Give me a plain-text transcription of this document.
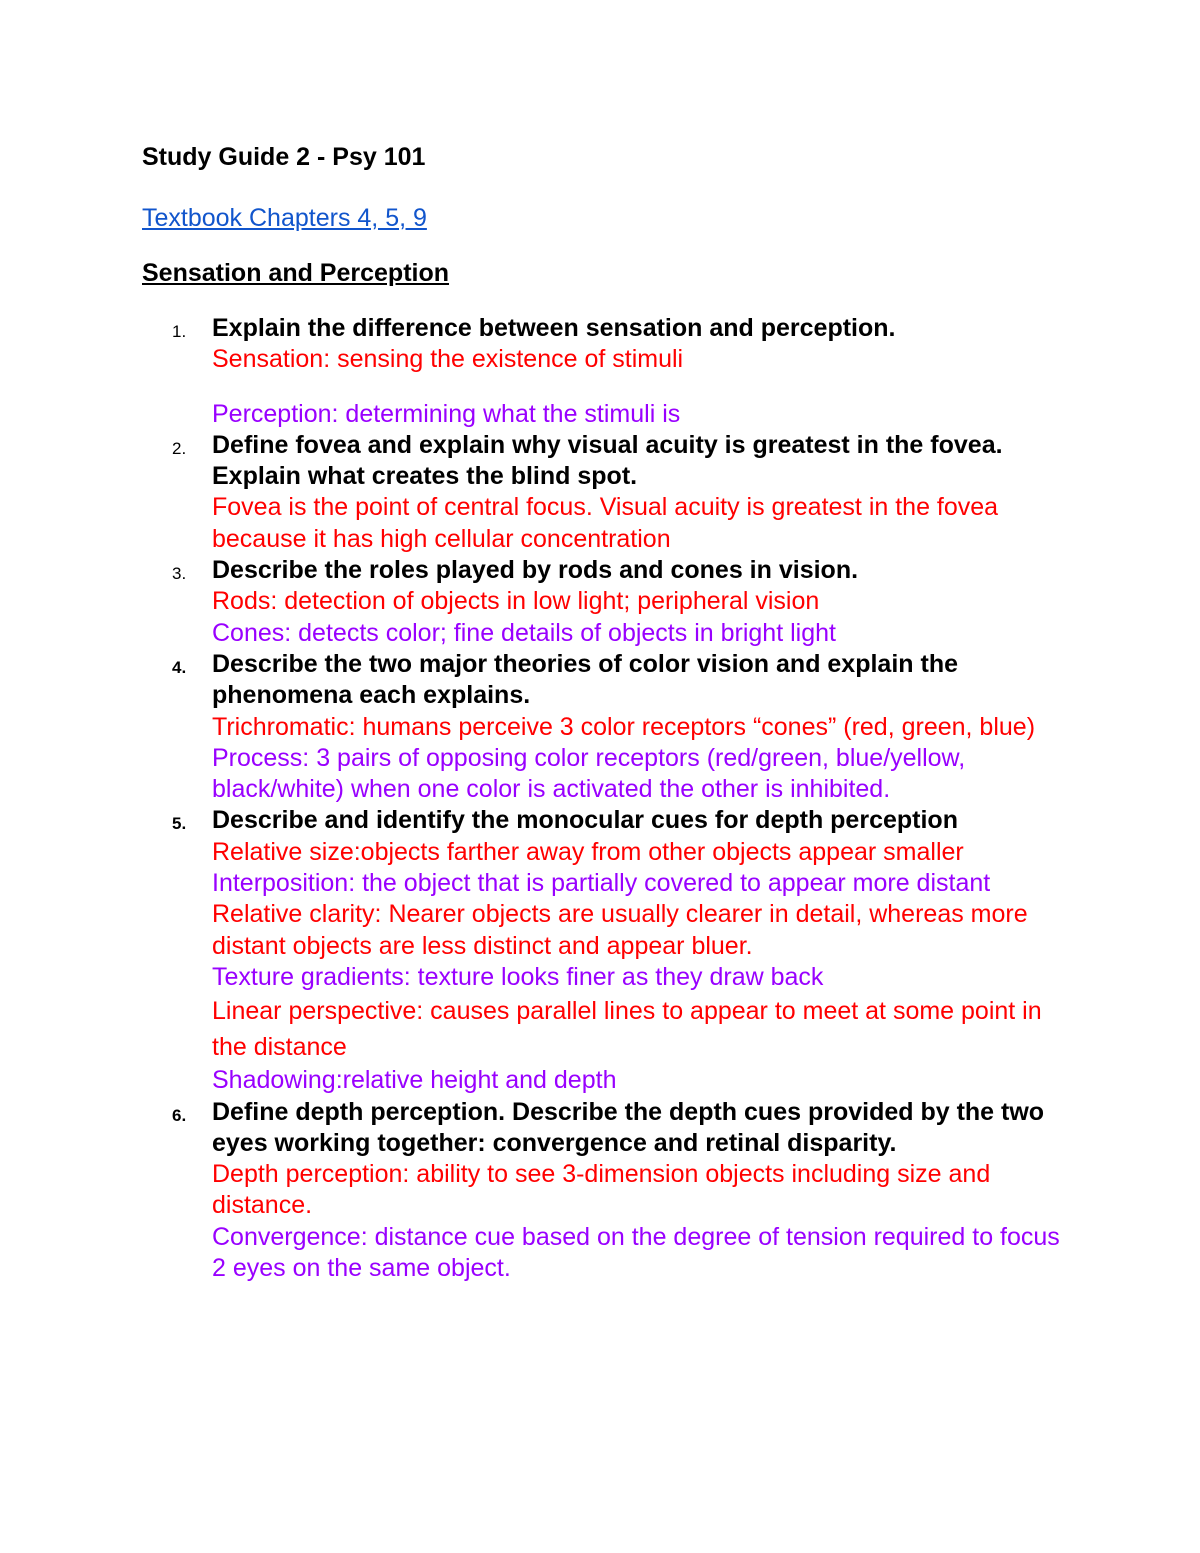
Study Guide 2 - Psy 101
Textbook Chapters 4, 5, 9
Sensation and Perception
1. Explain the difference between sensation and perception.
Sensation: sensing the existence of stimuli
Perception: determining what the stimuli is
2. Define fovea and explain why visual acuity is greatest in the fovea. Explain what creates the blind spot.
Fovea is the point of central focus. Visual acuity is greatest in the fovea because it has high cellular concentration
3. Describe the roles played by rods and cones in vision.
Rods: detection of objects in low light; peripheral vision
Cones: detects color; fine details of objects in bright light
4. Describe the two major theories of color vision and explain the phenomena each explains.
Trichromatic: humans perceive 3 color receptors “cones” (red, green, blue)
Process: 3 pairs of opposing color receptors (red/green, blue/yellow, black/white) when one color is activated the other is inhibited.
5. Describe and identify the monocular cues for depth perception
Relative size:objects farther away from other objects appear smaller
Interposition: the object that is partially covered to appear more distant
Relative clarity: Nearer objects are usually clearer in detail, whereas more distant objects are less distinct and appear bluer.
Texture gradients: texture looks finer as they draw back
Linear perspective: causes parallel lines to appear to meet at some point in the distance
Shadowing:relative height and depth
6. Define depth perception. Describe the depth cues provided by the two eyes working together: convergence and retinal disparity.
Depth perception: ability to see 3-dimension objects including size and distance.
Convergence: distance cue based on the degree of tension required to focus 2 eyes on the same object.
